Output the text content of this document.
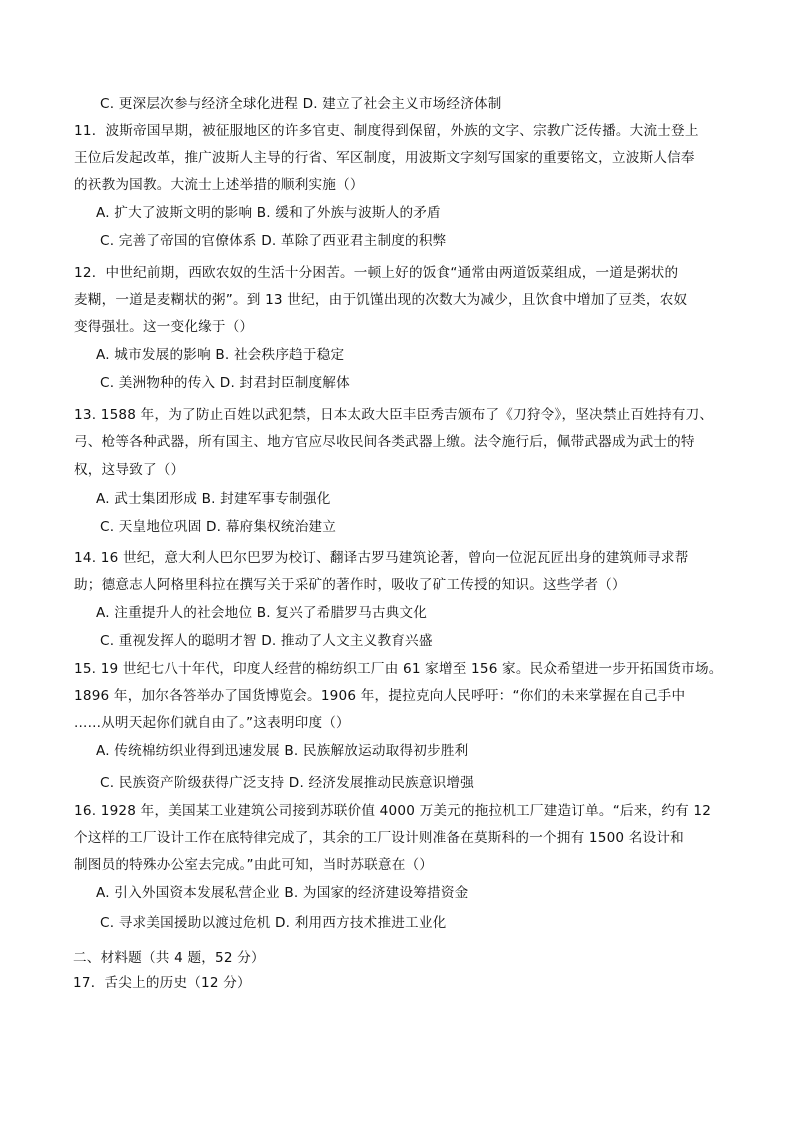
C. 更深层次参与经济全球化进程 D. 建立了社会主义市场经济体制
11．波斯帝国早期，被征服地区的许多官吏、制度得到保留，外族的文字、宗教广泛传播。大流士登上
王位后发起改革，推广波斯人主导的行省、军区制度，用波斯文字刻写国家的重要铭文，立波斯人信奉
的祆教为国教。大流士上述举措的顺利实施（）
A. 扩大了波斯文明的影响 B. 缓和了外族与波斯人的矛盾
C. 完善了帝国的官僚体系 D. 革除了西亚君主制度的积弊
12．中世纪前期，西欧农奴的生活十分困苦。一顿上好的饭食“通常由两道饭菜组成，一道是粥状的
麦糊，一道是麦糊状的粥”。到 13 世纪，由于饥馑出现的次数大为减少，且饮食中增加了豆类，农奴
变得强壮。这一变化缘于（）
A. 城市发展的影响 B. 社会秩序趋于稳定
C. 美洲物种的传入 D. 封君封臣制度解体
13. 1588 年，为了防止百姓以武犯禁，日本太政大臣丰臣秀吉颁布了《刀狩令》，坚决禁止百姓持有刀、
弓、枪等各种武器，所有国主、地方官应尽收民间各类武器上缴。法令施行后，佩带武器成为武士的特
权，这导致了（）
A. 武士集团形成 B. 封建军事专制强化
C. 天皇地位巩固 D. 幕府集权统治建立
14. 16 世纪，意大利人巴尔巴罗为校订、翻译古罗马建筑论著，曾向一位泥瓦匠出身的建筑师寻求帮
助；德意志人阿格里科拉在撰写关于采矿的著作时，吸收了矿工传授的知识。这些学者（）
A. 注重提升人的社会地位 B. 复兴了希腊罗马古典文化
C. 重视发挥人的聪明才智 D. 推动了人文主义教育兴盛
15. 19 世纪七八十年代，印度人经营的棉纺织工厂由 61 家增至 156 家。民众希望进一步开拓国货市场。
1896 年，加尔各答举办了国货博览会。1906 年，提拉克向人民呼吁：“你们的未来掌握在自己手中
......从明天起你们就自由了。”这表明印度（）
A. 传统棉纺织业得到迅速发展 B. 民族解放运动取得初步胜利
C. 民族资产阶级获得广泛支持 D. 经济发展推动民族意识增强
16. 1928 年，美国某工业建筑公司接到苏联价值 4000 万美元的拖拉机工厂建造订单。“后来，约有 12
个这样的工厂设计工作在底特律完成了，其余的工厂设计则准备在莫斯科的一个拥有 1500 名设计和
制图员的特殊办公室去完成。”由此可知，当时苏联意在（）
A. 引入外国资本发展私营企业 B. 为国家的经济建设筹措资金
C. 寻求美国援助以渡过危机 D. 利用西方技术推进工业化
二、材料题（共 4 题，52 分）
17．舌尖上的历史（12 分）
